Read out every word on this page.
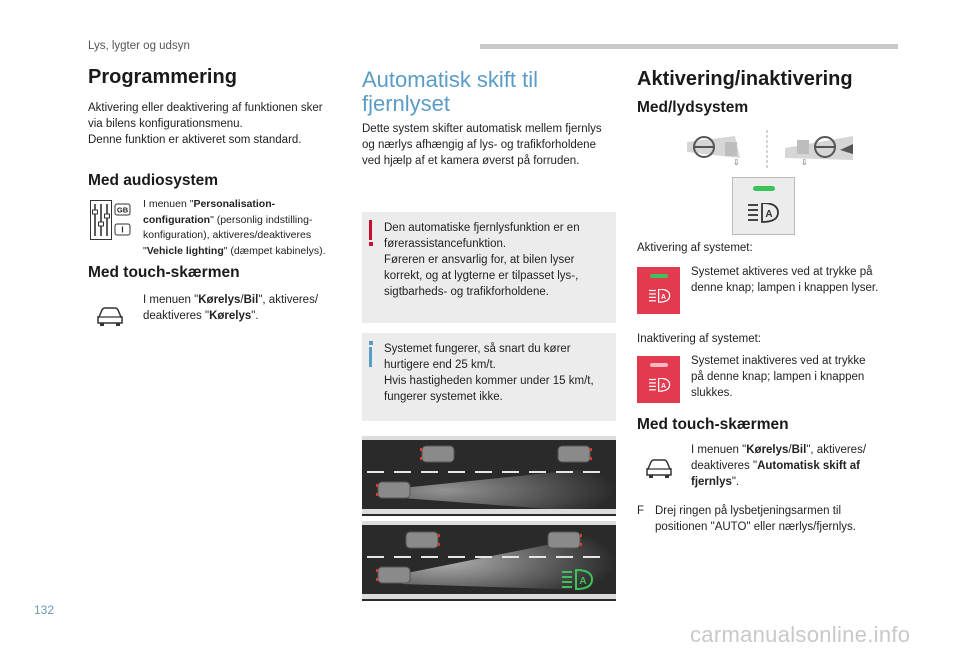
Lys, lygter og udsyn
Programmering
Aktivering eller deaktivering af funktionen sker
via bilens konfigurationsmenu.
Denne funktion er aktiveret som standard.
Med audiosystem
GB
I
I menuen "Personalisation-
configuration" (personlig indstilling-
konfiguration), aktiveres/deaktiveres
"Vehicle lighting" (dæmpet kabinelys).
Med touch-skærmen
I menuen "Kørelys/Bil", aktiveres/
deaktiveres "Kørelys".
Automatisk skift til
fjernlyset
Dette system skifter automatisk mellem fjernlys
og nærlys afhængig af lys- og trafikforholdene
ved hjælp af et kamera øverst på forruden.
Den automatiske fjernlysfunktion er en
førerassistancefunktion.
Føreren er ansvarlig for, at bilen lyser
korrekt, og at lygterne er tilpasset lys-,
sigtbarheds- og trafikforholdene.
Systemet fungerer, så snart du kører
hurtigere end 25 km/t.
Hvis hastigheden kommer under 15 km/t,
fungerer systemet ikke.
A
Aktivering/inaktivering
Med/lydsystem
⇩	⇩
A
Aktivering af systemet:
A
Systemet aktiveres ved at trykke på
denne knap; lampen i knappen lyser.
Inaktivering af systemet:
A
Systemet inaktiveres ved at trykke
på denne knap; lampen i knappen
slukkes.
Med touch-skærmen
I menuen "Kørelys/Bil", aktiveres/
deaktiveres "Automatisk skift af
fjernlys".
F Drej ringen på lysbetjeningsarmen til
positionen "AUTO" eller nærlys/fjernlys.
132
carmanualsonline.info
